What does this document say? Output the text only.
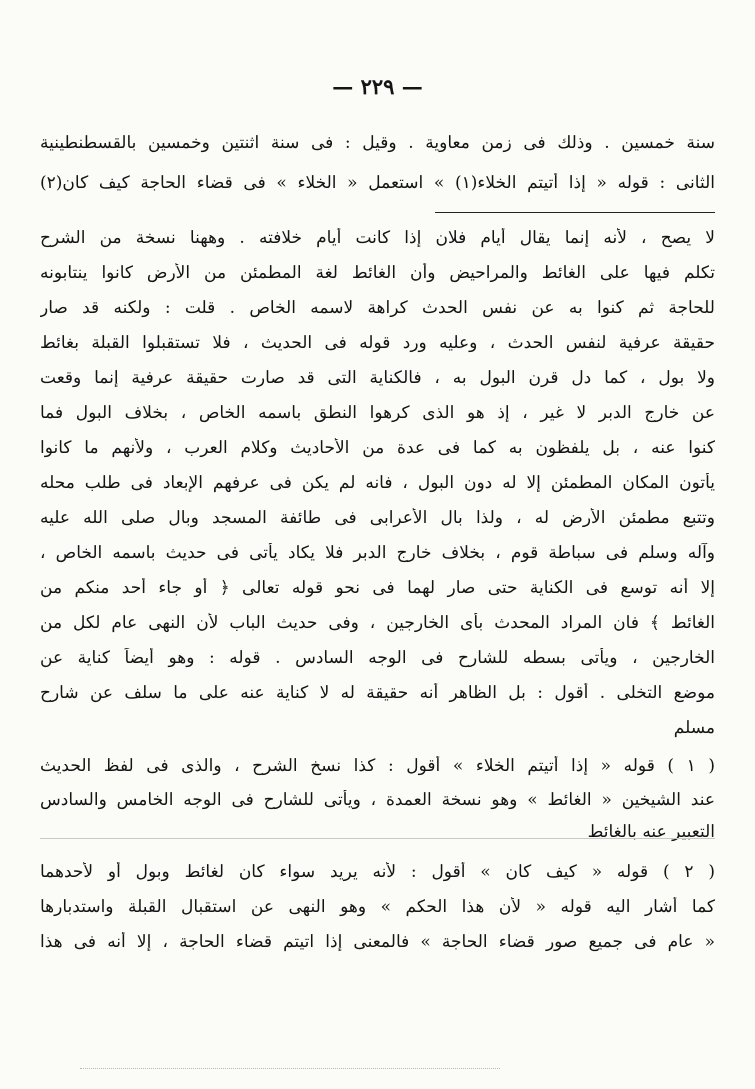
— ٢٢٩ —
سنة خمسين . وذلك فى زمن معاوية . وقيل : فى سنة اثنتين وخمسين بالقسطنطينية
الثانى : قوله « إذا أتيتم الخلاء(١) » استعمل « الخلاء » فى قضاء الحاجة كيف كان(٢)
لا يصح ، لأنه إنما يقال أيام فلان إذا كانت أيام خلافته . وههنا نسخة من الشرح
تكلم فيها على الغائط والمراحيض وأن الغائط لغة المطمئن من الأرض كانوا ينتابونه
للحاجة ثم كنوا به عن نفس الحدث كراهة لاسمه الخاص . قلت : ولكنه قد صار
حقيقة عرفية لنفس الحدث ، وعليه ورد قوله فى الحديث ، فلا تستقبلوا القبلة بغائط
ولا بول ، كما دل قرن البول به ، فالكناية التى قد صارت حقيقة عرفية إنما وقعت
عن خارج الدبر لا غير ، إذ هو الذى كرهوا النطق باسمه الخاص ، بخلاف البول فما
كنوا عنه ، بل يلفظون به كما فى عدة من الأحاديث وكلام العرب ، ولأنهم ما كانوا
يأتون المكان المطمئن إلا له دون البول ، فانه لم يكن فى عرفهم الإبعاد فى طلب محله
وتتبع مطمئن الأرض له ، ولذا بال الأعرابى فى طائفة المسجد وبال صلى الله عليه
وآله وسلم فى سباطة قوم ، بخلاف خارج الدبر فلا يكاد يأتى فى حديث باسمه الخاص ،
إلا أنه توسع فى الكناية حتى صار لهما فى نحو قوله تعالى ﴿ أو جاء أحد منكم من
الغائط ﴾ فان المراد المحدث بأى الخارجين ، وفى حديث الباب لأن النهى عام لكل من
الخارجين ، ويأتى بسطه للشارح فى الوجه السادس . قوله : وهو أيضاً كناية عن
موضع التخلى . أقول : بل الظاهر أنه حقيقة له لا كناية عنه على ما سلف عن شارح
مسلم
( ١ ) قوله « إذا أتيتم الخلاء » أقول : كذا نسخ الشرح ، والذى فى لفظ الحديث
عند الشيخين « الغائط » وهو نسخة العمدة ، ويأتى للشارح فى الوجه الخامس والسادس
التعبير عنه بالغائط
( ٢ ) قوله « كيف كان » أقول : لأنه يريد سواء كان لغائط وبول أو لأحدهما
كما أشار اليه قوله « لأن هذا الحكم » وهو النهى عن استقبال القبلة واستدبارها
« عام فى جميع صور قضاء الحاجة » فالمعنى إذا اتيتم قضاء الحاجة ، إلا أنه فى هذا
